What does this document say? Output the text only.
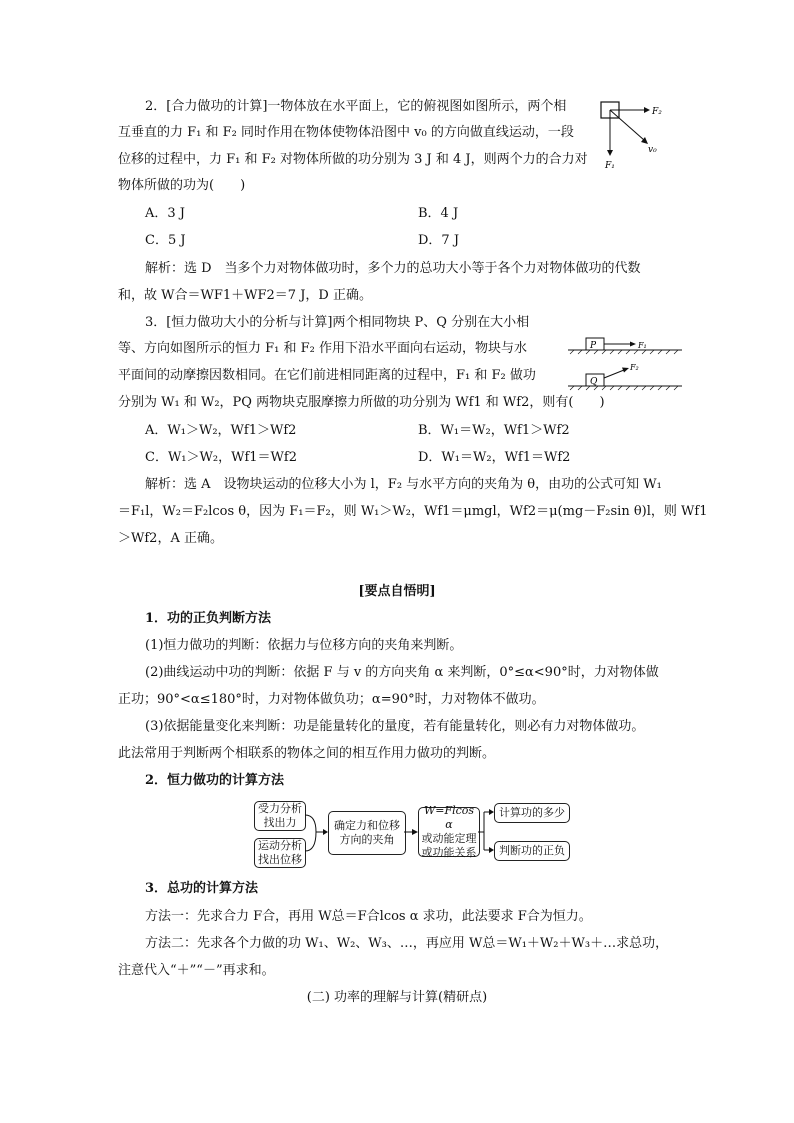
2．[合力做功的计算]一物体放在水平面上，它的俯视图如图所示，两个相
互垂直的力 F₁ 和 F₂ 同时作用在物体使物体沿图中 v₀ 的方向做直线运动，一段
位移的过程中，力 F₁ 和 F₂ 对物体所做的功分别为 3 J 和 4 J，则两个力的合力对
物体所做的功为(　　)
F₂
F₁
v₀
A．3 J	B．4 J
C．5 J	D．7 J
解析：选 D　当多个力对物体做功时，多个力的总功大小等于各个力对物体做功的代数
和，故 W合＝WF1＋WF2＝7 J，D 正确。
3．[恒力做功大小的分析与计算]两个相同物块 P、Q 分别在大小相
等、方向如图所示的恒力 F₁ 和 F₂ 作用下沿水平面向右运动，物块与水
平面间的动摩擦因数相同。在它们前进相同距离的过程中，F₁ 和 F₂ 做功
分别为 W₁ 和 W₂，PQ 两物块克服摩擦力所做的功分别为 Wf1 和 Wf2，则有(　　)
P	F₁
Q
F₂
A．W₁＞W₂，Wf1＞Wf2	B．W₁＝W₂，Wf1＞Wf2
C．W₁＞W₂，Wf1＝Wf2	D．W₁＝W₂，Wf1＝Wf2
解析：选 A　设物块运动的位移大小为 l，F₂ 与水平方向的夹角为 θ，由功的公式可知 W₁
＝F₁l，W₂＝F₂lcos θ，因为 F₁＝F₂，则 W₁＞W₂，Wf1＝μmgl，Wf2＝μ(mg－F₂sin θ)l，则 Wf1
＞Wf2，A 正确。
[要点自悟明]
1．功的正负判断方法
(1)恒力做功的判断：依据力与位移方向的夹角来判断。
(2)曲线运动中功的判断：依据 F 与 v 的方向夹角 α 来判断，0°≤α<90°时，力对物体做
正功；90°<α≤180°时，力对物体做负功；α=90°时，力对物体不做功。
(3)依据能量变化来判断：功是能量转化的量度，若有能量转化，则必有力对物体做功。
此法常用于判断两个相联系的物体之间的相互作用力做功的判断。
2．恒力做功的计算方法
受力分析
找出力
运动分析
找出位移
确定力和位移
方向的夹角
W=Flcos α
或动能定理
或功能关系
计算功的多少
判断功的正负
3．总功的计算方法
方法一：先求合力 F合，再用 W总＝F合lcos α 求功，此法要求 F合为恒力。
方法二：先求各个力做的功 W₁、W₂、W₃、…，再应用 W总＝W₁＋W₂＋W₃＋…求总功，
注意代入“＋”“－”再求和。
(二) 功率的理解与计算(精研点)
